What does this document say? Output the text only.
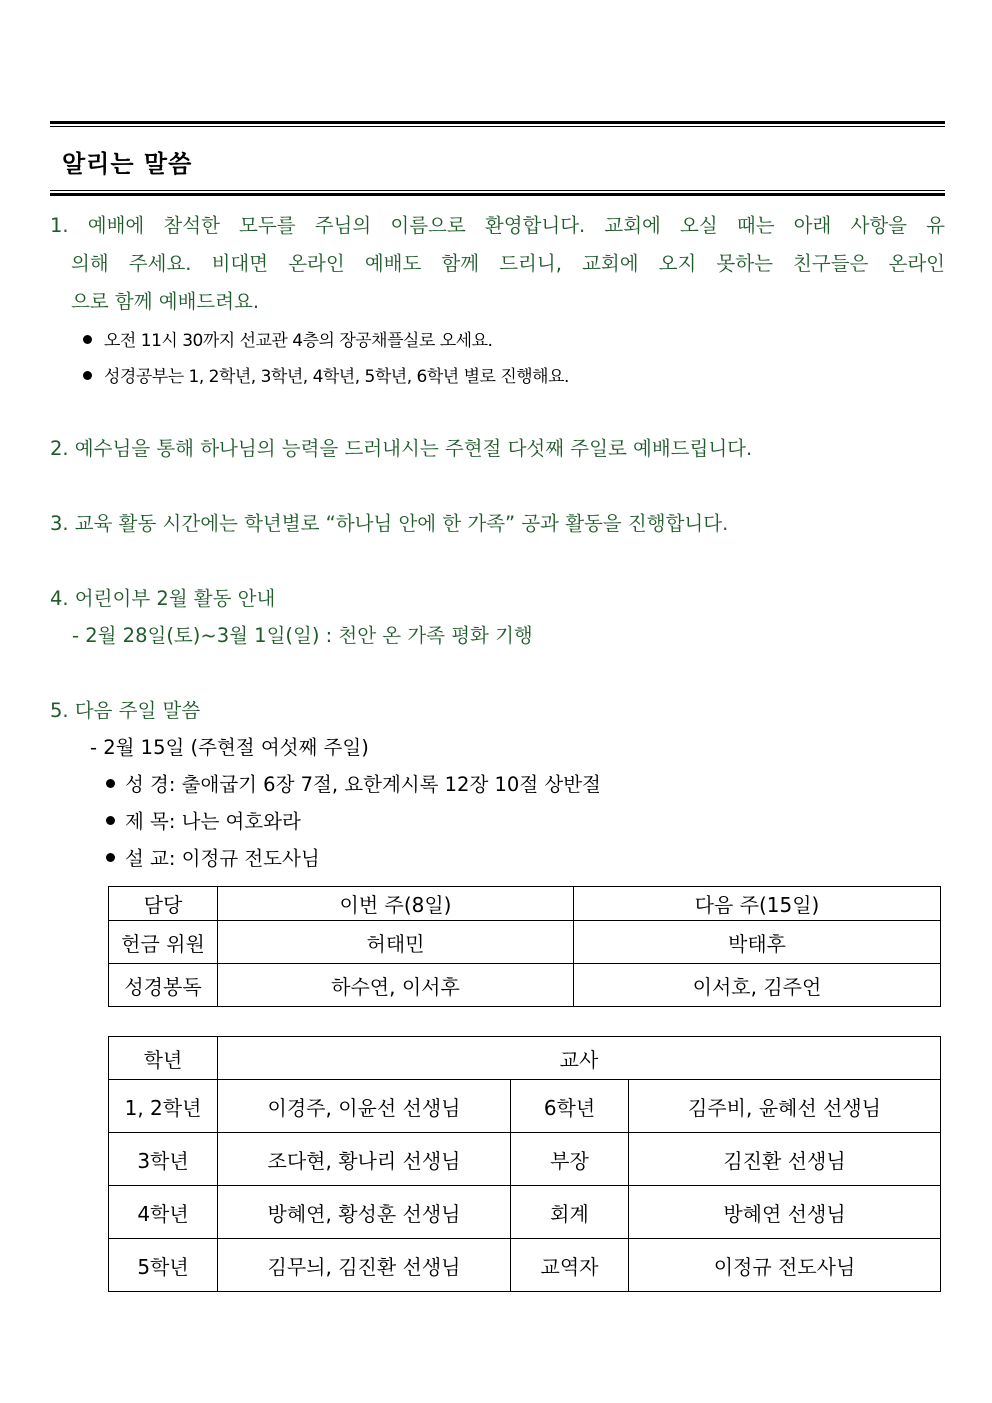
알리는 말씀
1. 예배에 참석한 모두를 주님의 이름으로 환영합니다. 교회에 오실 때는 아래 사항을 유
의해 주세요. 비대면 온라인 예배도 함께 드리니, 교회에 오지 못하는 친구들은 온라인
으로 함께 예배드려요.
오전 11시 30까지 선교관 4층의 장공채플실로 오세요.
성경공부는 1, 2학년, 3학년, 4학년, 5학년, 6학년 별로 진행해요.
2. 예수님을 통해 하나님의 능력을 드러내시는 주현절 다섯째 주일로 예배드립니다.
3. 교육 활동 시간에는 학년별로 “하나님 안에 한 가족” 공과 활동을 진행합니다.
4. 어린이부 2월 활동 안내
- 2월 28일(토)~3월 1일(일) : 천안 온 가족 평화 기행
5. 다음 주일 말씀
- 2월 15일 (주현절 여섯째 주일)
성 경: 출애굽기 6장 7절, 요한계시록 12장 10절 상반절
제 목: 나는 여호와라
설 교: 이정규 전도사님
담당	이번 주(8일)	다음 주(15일)
헌금 위원	허태민	박태후
성경봉독	하수연, 이서후	이서호, 김주언
학년	교사		
1, 2학년	이경주, 이윤선 선생님	6학년	김주비, 윤혜선 선생님
3학년	조다현, 황나리 선생님	부장	김진환 선생님
4학년	방혜연, 황성훈 선생님	회계	방혜연 선생님
5학년	김무늬, 김진환 선생님	교역자	이정규 전도사님
